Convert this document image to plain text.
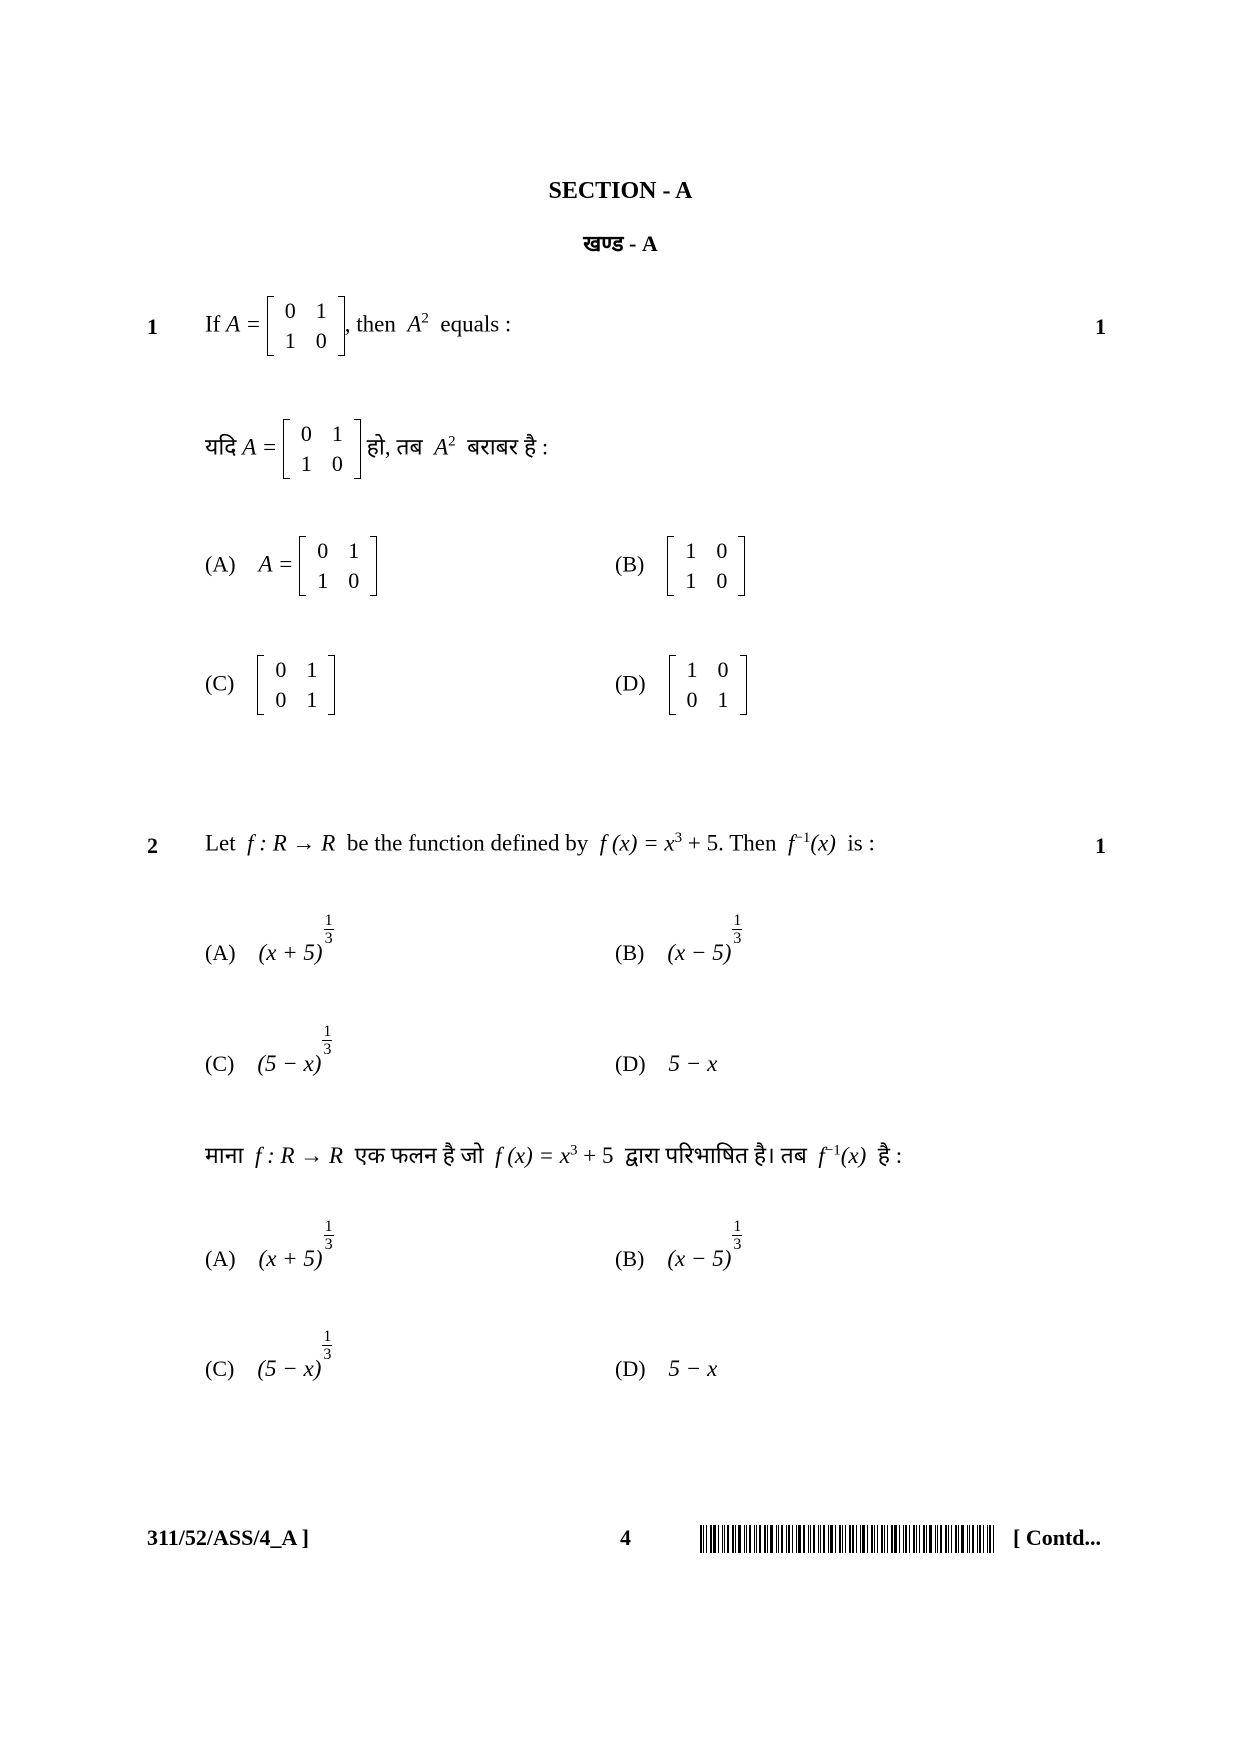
SECTION - A
खण्ड - A
1	1
If A =
0	1
1	0
, then $A^2$ equals :
यदि A =
0	1
1	0
हो, तब $A^2$ बराबर है :
(A) A =
0	1
1	0
(B)
1	0
1	0
(C)
0	1
0	1
(D)
1	0
0	1
2	1
Let f : R → R be the function defined by f $(x) = x^3 + 5$. Then $f^{-1}(x)$ is :
(A) (x + 5)
$\frac{1}{3}$
(B) (x − 5)
$\frac{1}{3}$
(C) (5 − x)
$\frac{1}{3}$
(D) 5 − x
माना f : R → R एक फलन है जो f $(x) = x^3 + 5$ द्वारा परिभाषित है। तब $f^{-1}(x)$ है :
(A) (x + 5)
$\frac{1}{3}$
(B) (x − 5)
$\frac{1}{3}$
(C) (5 − x)
$\frac{1}{3}$
(D) 5 − x
311/52/ASS/4_A ]	4	[ Contd...
